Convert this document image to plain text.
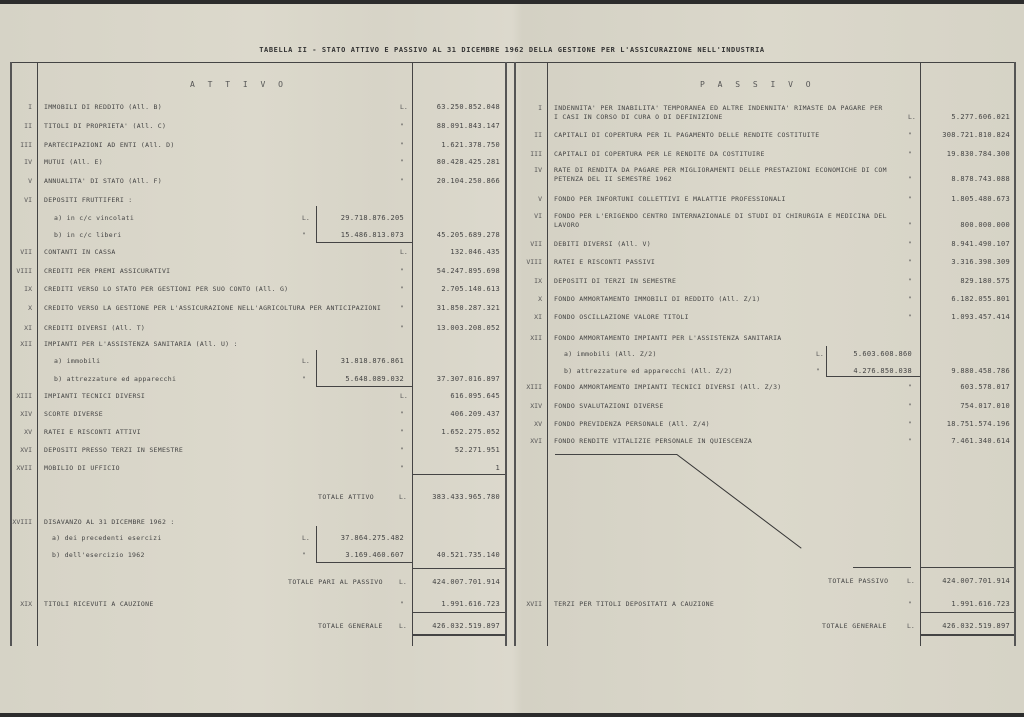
TABELLA II - STATO ATTIVO E PASSIVO AL 31 DICEMBRE 1962 DELLA GESTIONE PER L'ASSICURAZIONE NELL'INDUSTRIA
A T T I V O
I IMMOBILI DI REDDITO (All. B)	L.	63.250.852.048
II TITOLI DI PROPRIETA' (All. C)	"	88.091.843.147
III PARTECIPAZIONI AD ENTI (All. D)	"	1.621.378.750
IV MUTUI (All. E)	"	80.428.425.281
V ANNUALITA' DI STATO (All. F)	"	20.104.250.866
VI DEPOSITI FRUTTIFERI :
a) in c/c vincolati	L.	29.718.876.205
b) in c/c liberi	"	15.486.813.073	45.205.689.278
VII CONTANTI IN CASSA	L.	132.046.435
VIII CREDITI PER PREMI ASSICURATIVI	"	54.247.895.698
IX CREDITI VERSO LO STATO PER GESTIONI PER SUO CONTO (All. G)	"	2.705.140.613
X CREDITO VERSO LA GESTIONE PER L'ASSICURAZIONE NELL'AGRICOLTURA PER ANTICIPAZIONI	"	31.850.287.321
XI CREDITI DIVERSI (All. T)	"	13.003.208.052
XII IMPIANTI PER L'ASSISTENZA SANITARIA (All. U) :
a) immobili	L.	31.818.876.861
b) attrezzature ed apparecchi	"	5.648.089.032	37.307.016.897
XIII IMPIANTI TECNICI DIVERSI	L.	616.095.645
XIV SCORTE DIVERSE	"	406.209.437
XV RATEI E RISCONTI ATTIVI	"	1.652.275.052
XVI DEPOSITI PRESSO TERZI IN SEMESTRE	"	52.271.951
XVII MOBILIO DI UFFICIO	"	1
TOTALE ATTIVO	L.	383.433.965.780
XVIII DISAVANZO AL 31 DICEMBRE 1962 :
a) dei precedenti esercizi	L.	37.864.275.482
b) dell'esercizio 1962	"	3.169.460.607	40.521.735.140
TOTALE PARI AL PASSIVO L.	424.007.701.914
XIX TITOLI RICEVUTI A CAUZIONE	"	1.991.616.723
TOTALE GENERALE	L.	426.032.519.897
P A S S I V O
I INDENNITA' PER INABILITA' TEMPORANEA ED ALTRE INDENNITA' RIMASTE DA PAGARE PER
I CASI IN CORSO DI CURA O DI DEFINIZIONE	L.	5.277.606.021
II CAPITALI DI COPERTURA PER IL PAGAMENTO DELLE RENDITE COSTITUITE	"	308.721.810.824
III CAPITALI DI COPERTURA PER LE RENDITE DA COSTITUIRE	"	19.830.784.300
IV RATE DI RENDITA DA PAGARE PER MIGLIORAMENTI DELLE PRESTAZIONI ECONOMICHE DI COM
PETENZA DEL II SEMESTRE 1962	"	8.878.743.088
V FONDO PER INFORTUNI COLLETTIVI E MALATTIE PROFESSIONALI	"	1.805.480.673
VI FONDO PER L'ERIGENDO CENTRO INTERNAZIONALE DI STUDI DI CHIRURGIA E MEDICINA DEL
LAVORO	"	800.000.000
VII DEBITI DIVERSI (All. V)	"	8.941.490.107
VIII RATEI E RISCONTI PASSIVI	"	3.316.398.309
IX DEPOSITI DI TERZI IN SEMESTRE	"	829.180.575
X FONDO AMMORTAMENTO IMMOBILI DI REDDITO (All. Z/1)	"	6.182.055.801
XI FONDO OSCILLAZIONE VALORE TITOLI	"	1.093.457.414
XII FONDO AMMORTAMENTO IMPIANTI PER L'ASSISTENZA SANITARIA
a) immobili (All. Z/2)	L.	5.603.608.860
b) attrezzature ed apparecchi (All. Z/2)	"	4.276.850.038	9.880.458.786
XIII FONDO AMMORTAMENTO IMPIANTI TECNICI DIVERSI (All. Z/3)	"	603.578.017
XIV FONDO SVALUTAZIONI DIVERSE	"	754.017.010
XV FONDO PREVIDENZA PERSONALE (All. Z/4)	"	18.751.574.196
XVI FONDO RENDITE VITALIZIE PERSONALE IN QUIESCENZA	"	7.461.340.614
TOTALE PASSIVO	L.	424.007.701.914
XVII TERZI PER TITOLI DEPOSITATI A CAUZIONE	"	1.991.616.723
TOTALE GENERALE	L.	426.032.519.897
